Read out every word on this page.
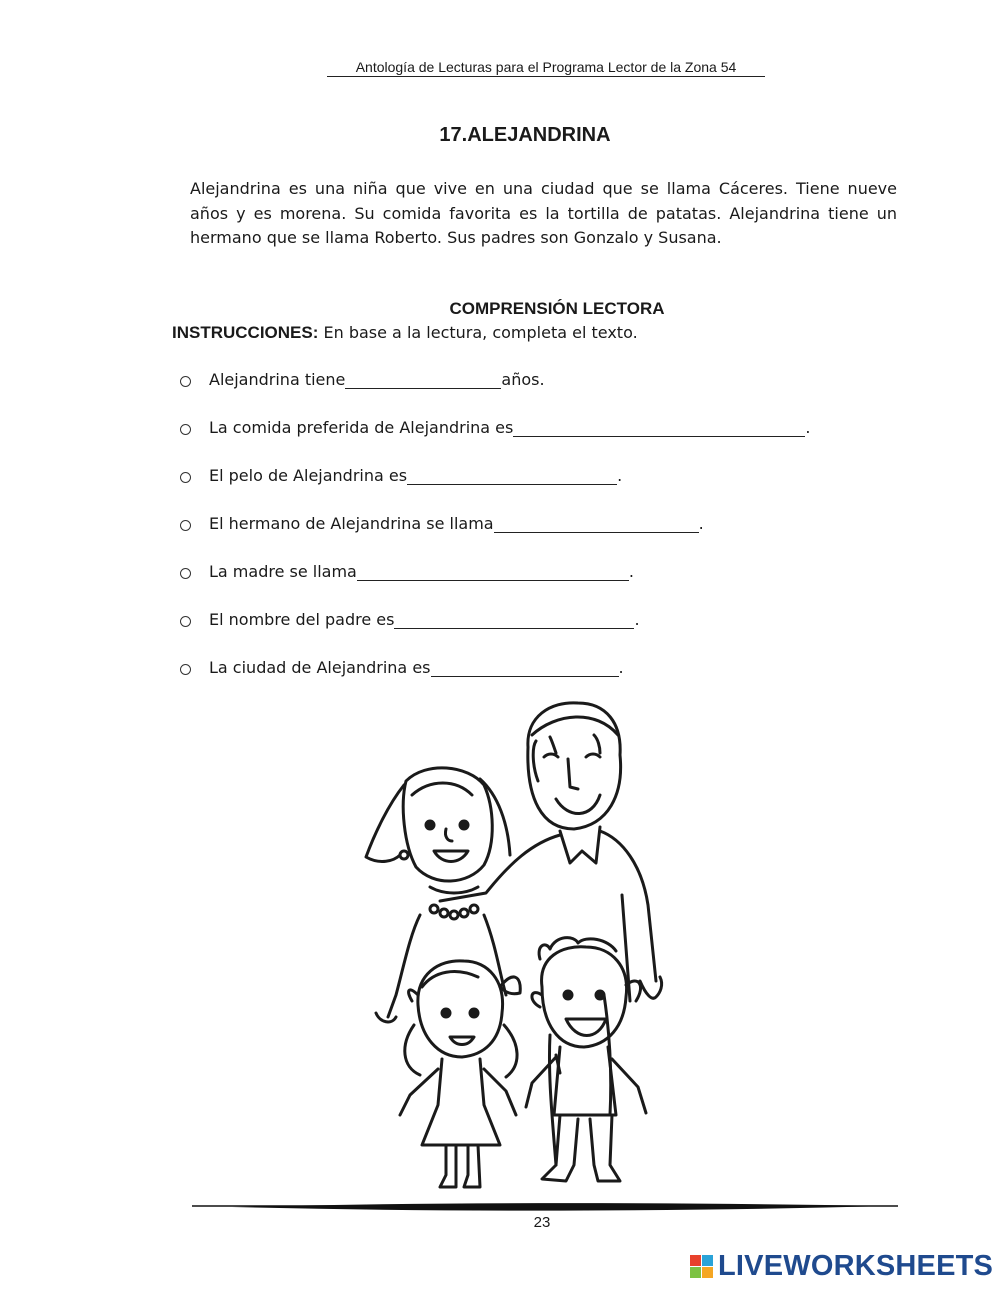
Antología de Lecturas para el Programa Lector de la Zona 54
17.ALEJANDRINA

Alejandrina es una niña que vive en una ciudad que se llama Cáceres. Tiene nueve años y es morena. Su comida favorita es la tortilla de patatas. Alejandrina tiene un hermano que se llama Roberto. Sus padres son Gonzalo y Susana.

COMPRENSIÓN LECTORA
INSTRUCCIONES: En base a la lectura, completa el texto.
Alejandrina tiene	años.
La comida preferida de Alejandrina es	.
El pelo de Alejandrina es	.
El hermano de Alejandrina se llama	.
La madre se llama	.
El nombre del padre es	.
La ciudad de Alejandrina es	.
23
LIVEWORKSHEETS
